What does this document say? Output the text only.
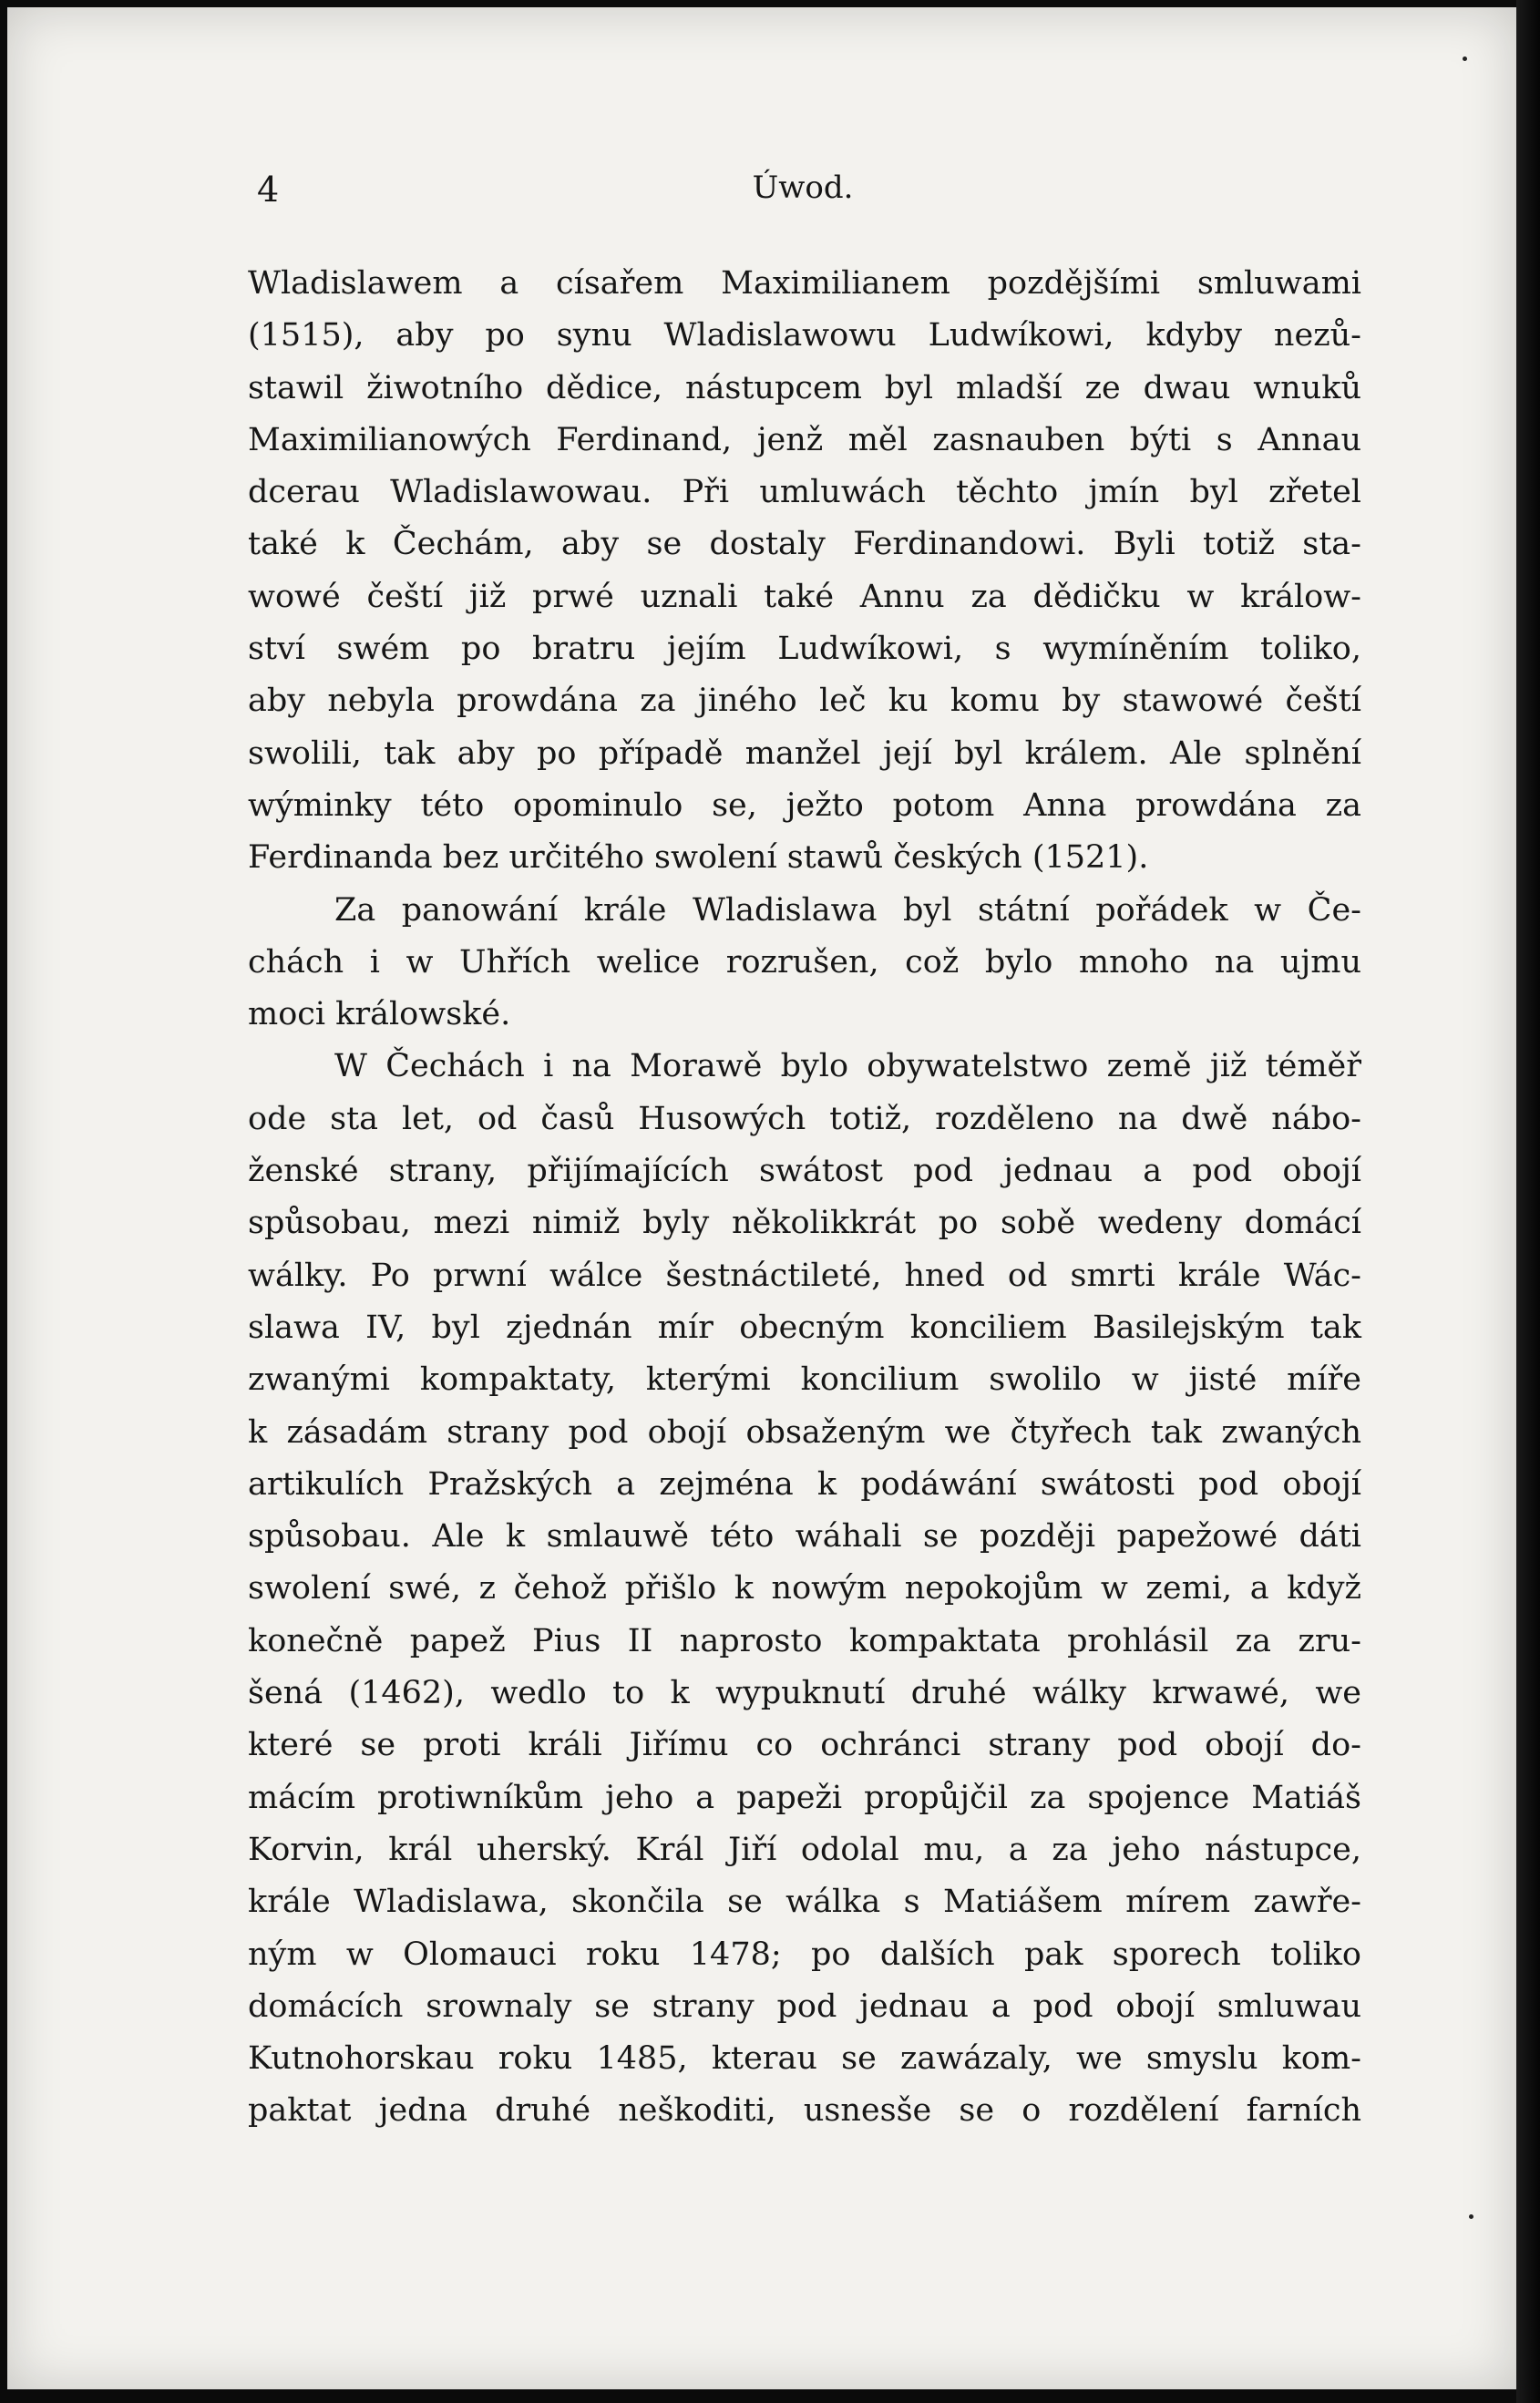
4	Úwod.
Wladislawem a císařem Maximilianem pozdějšími smluwami
(1515), aby po synu Wladislawowu Ludwíkowi, kdyby nezů-
stawil žiwotního dědice, nástupcem byl mladší ze dwau wnuků
Maximilianowých Ferdinand, jenž měl zasnauben býti s Annau
dcerau Wladislawowau. Při umluwách těchto jmín byl zřetel
také k Čechám, aby se dostaly Ferdinandowi. Byli totiž sta-
wowé čeští již prwé uznali také Annu za dědičku w králow-
ství swém po bratru jejím Ludwíkowi, s wymíněním toliko,
aby nebyla prowdána za jiného leč ku komu by stawowé čeští
swolili, tak aby po případě manžel její byl králem. Ale splnění
wýminky této opominulo se, ježto potom Anna prowdána za
Ferdinanda bez určitého swolení stawů českých (1521).
Za panowání krále Wladislawa byl státní pořádek w Če-
chách i w Uhřích welice rozrušen, což bylo mnoho na ujmu
moci králowské.
W Čechách i na Morawě bylo obywatelstwo země již téměř
ode sta let, od časů Husowých totiž, rozděleno na dwě nábo-
ženské strany, přijímajících swátost pod jednau a pod obojí
spůsobau, mezi nimiž byly několikkrát po sobě wedeny domácí
wálky. Po prwní wálce šestnáctileté, hned od smrti krále Wác-
slawa IV, byl zjednán mír obecným konciliem Basilejským tak
zwanými kompaktaty, kterými koncilium swolilo w jisté míře
k zásadám strany pod obojí obsaženým we čtyřech tak zwaných
artikulích Pražských a zejména k podáwání swátosti pod obojí
spůsobau. Ale k smlauwě této wáhali se později papežowé dáti
swolení swé, z čehož přišlo k nowým nepokojům w zemi, a když
konečně papež Pius II naprosto kompaktata prohlásil za zru-
šená (1462), wedlo to k wypuknutí druhé wálky krwawé, we
které se proti králi Jiřímu co ochránci strany pod obojí do-
mácím protiwníkům jeho a papeži propůjčil za spojence Matiáš
Korvin, král uherský. Král Jiří odolal mu, a za jeho nástupce,
krále Wladislawa, skončila se wálka s Matiášem mírem zawře-
ným w Olomauci roku 1478; po dalších pak sporech toliko
domácích srownaly se strany pod jednau a pod obojí smluwau
Kutnohorskau roku 1485, kterau se zawázaly, we smyslu kom-
paktat jedna druhé neškoditi, usnesše se o rozdělení farních
